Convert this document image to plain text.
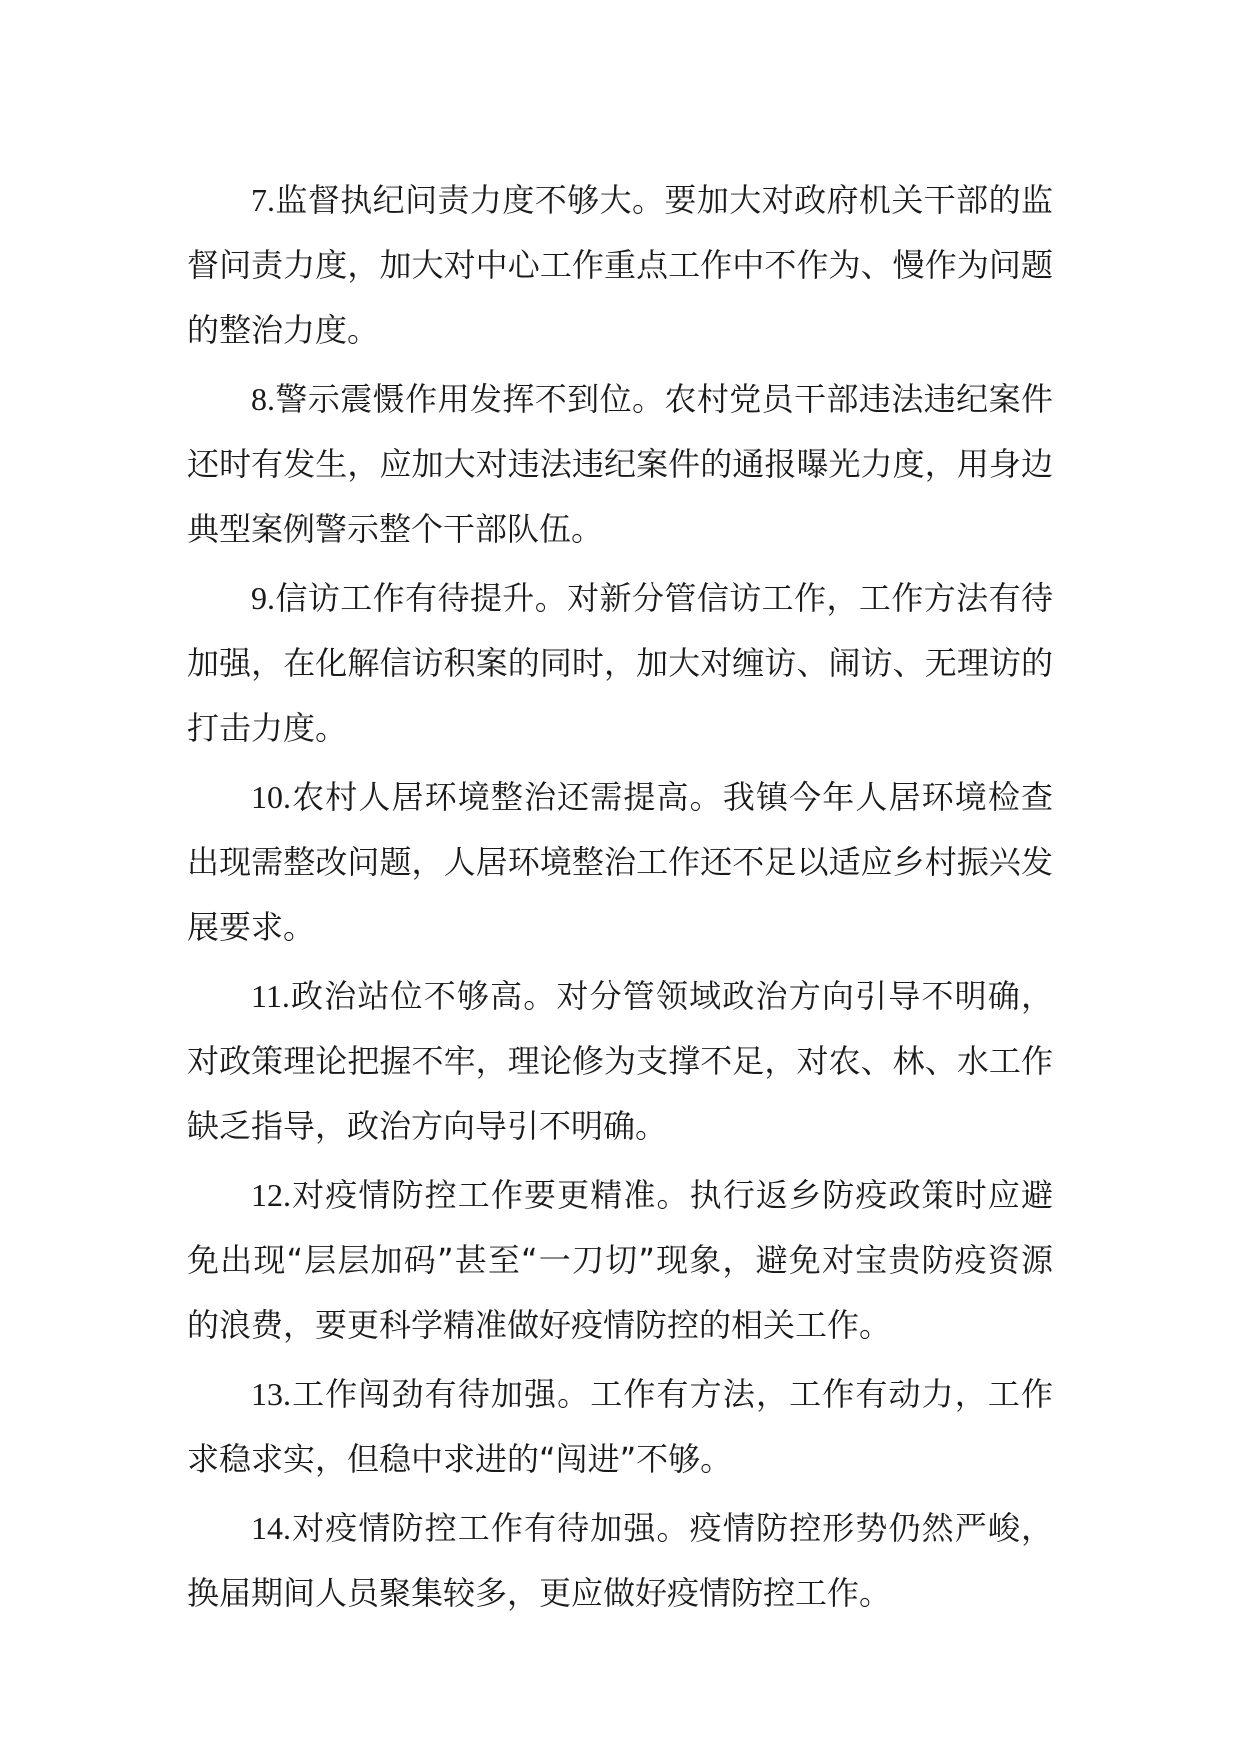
7.监督执纪问责力度不够大。要加大对政府机关干部的监督问责力度，加大对中心工作重点工作中不作为、慢作为问题的整治力度。

8.警示震慑作用发挥不到位。农村党员干部违法违纪案件还时有发生，应加大对违法违纪案件的通报曝光力度，用身边典型案例警示整个干部队伍。

9.信访工作有待提升。对新分管信访工作，工作方法有待加强，在化解信访积案的同时，加大对缠访、闹访、无理访的打击力度。

10.农村人居环境整治还需提高。我镇今年人居环境检查出现需整改问题，人居环境整治工作还不足以适应乡村振兴发展要求。

11.政治站位不够高。对分管领域政治方向引导不明确，对政策理论把握不牢，理论修为支撑不足，对农、林、水工作缺乏指导，政治方向导引不明确。

12.对疫情防控工作要更精准。执行返乡防疫政策时应避免出现“层层加码”甚至“一刀切”现象，避免对宝贵防疫资源的浪费，要更科学精准做好疫情防控的相关工作。

13.工作闯劲有待加强。工作有方法，工作有动力，工作求稳求实，但稳中求进的“闯进”不够。

14.对疫情防控工作有待加强。疫情防控形势仍然严峻，换届期间人员聚集较多，更应做好疫情防控工作。
